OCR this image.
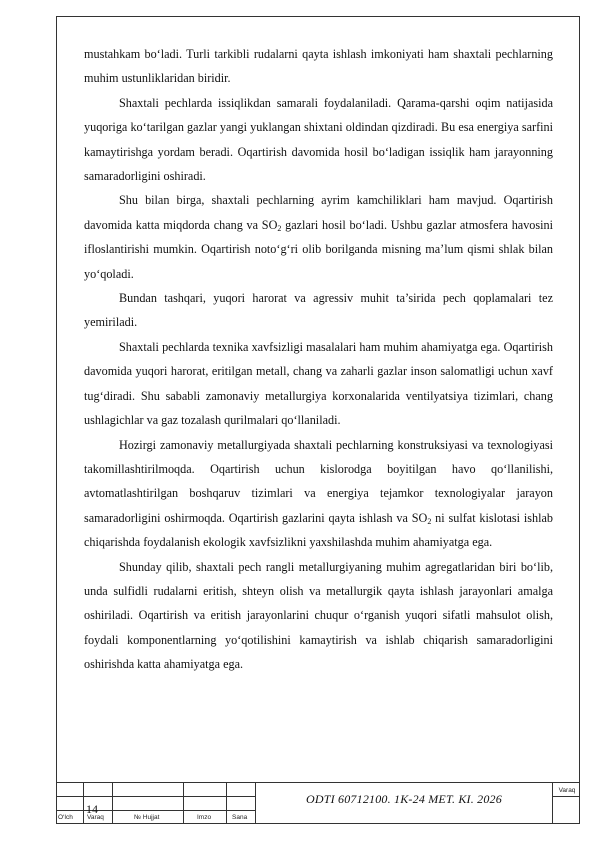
mustahkam bo‘ladi. Turli tarkibli rudalarni qayta ishlash imkoniyati ham shaxtali pechlarning muhim ustunliklaridan biridir.

Shaxtali pechlarda issiqlikdan samarali foydalaniladi. Qarama-qarshi oqim natijasida yuqoriga ko‘tarilgan gazlar yangi yuklangan shixtani oldindan qizdiradi. Bu esa energiya sarfini kamaytirishga yordam beradi. Oqartirish davomida hosil bo‘ladigan issiqlik ham jarayonning samaradorligini oshiradi.

Shu bilan birga, shaxtali pechlarning ayrim kamchiliklari ham mavjud. Oqartirish davomida katta miqdorda chang va $SO_2$ gazlari hosil bo‘ladi. Ushbu gazlar atmosfera havosini ifloslantirishi mumkin. Oqartirish noto‘g‘ri olib borilganda misning ma’lum qismi shlak bilan yo‘qoladi.

Bundan tashqari, yuqori harorat va agressiv muhit ta’sirida pech qoplamalari tez yemiriladi.

Shaxtali pechlarda texnika xavfsizligi masalalari ham muhim ahamiyatga ega. Oqartirish davomida yuqori harorat, eritilgan metall, chang va zaharli gazlar inson salomatligi uchun xavf tug‘diradi. Shu sababli zamonaviy metallurgiya korxonalarida ventilyatsiya tizimlari, chang ushlagichlar va gaz tozalash qurilmalari qo‘llaniladi.

Hozirgi zamonaviy metallurgiyada shaxtali pechlarning konstruksiyasi va texnologiyasi takomillashtirilmoqda. Oqartirish uchun kislorodga boyitilgan havo qo‘llanilishi, avtomatlashtirilgan boshqaruv tizimlari va energiya tejamkor texnologiyalar jarayon samaradorligini oshirmoqda. Oqartirish gazlarini qayta ishlash va $SO_2$ ni sulfat kislotasi ishlab chiqarishda foydalanish ekologik xavfsizlikni yaxshilashda muhim ahamiyatga ega.

Shunday qilib, shaxtali pech rangli metallurgiyaning muhim agregatlaridan biri bo‘lib, unda sulfidli rudalarni eritish, shteyn olish va metallurgik qayta ishlash jarayonlari amalga oshiriladi. Oqartirish va eritish jarayonlarini chuqur o‘rganish yuqori sifatli mahsulot olish, foydali komponentlarning yo‘qotilishini kamaytirish va ishlab chiqarish samaradorligini oshirishda katta ahamiyatga ega.

Varaq
14
ODTI 60712100. 1K-24 MET. KI. 2026
O‘lch Varaq	№ Hujjat	Imzo	Sana
